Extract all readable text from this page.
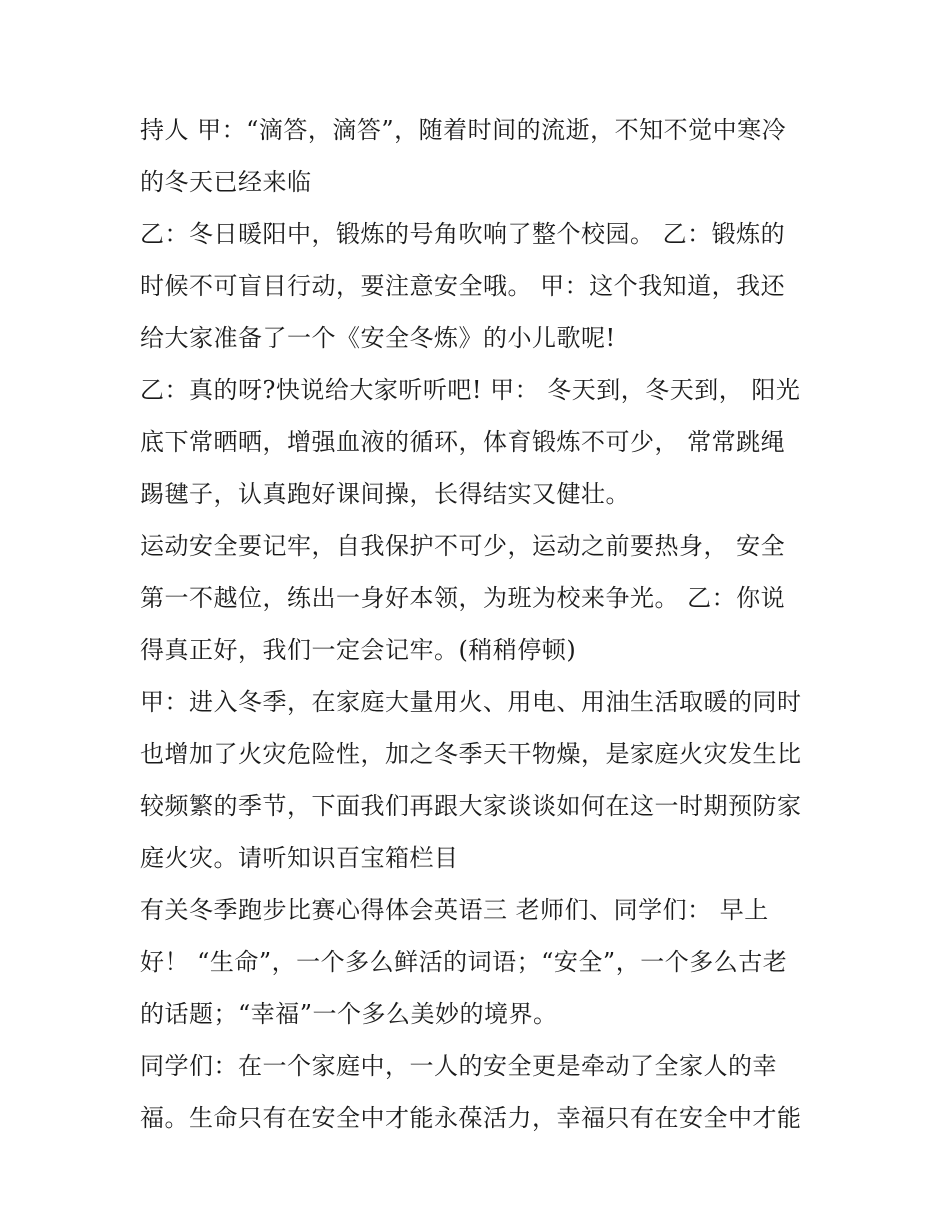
持人 甲：“滴答，滴答”，随着时间的流逝，不知不觉中寒冷
的冬天已经来临
乙：冬日暖阳中，锻炼的号角吹响了整个校园。 乙：锻炼的
时候不可盲目行动，要注意安全哦。 甲：这个我知道，我还
给大家准备了一个《安全冬炼》的小儿歌呢!
乙：真的呀?快说给大家听听吧! 甲： 冬天到，冬天到， 阳光
底下常晒晒，增强血液的循环，体育锻炼不可少， 常常跳绳
踢毽子，认真跑好课间操，长得结实又健壮。
运动安全要记牢，自我保护不可少，运动之前要热身， 安全
第一不越位，练出一身好本领，为班为校来争光。 乙：你说
得真正好，我们一定会记牢。(稍稍停顿)
甲：进入冬季，在家庭大量用火、用电、用油生活取暖的同时
也增加了火灾危险性，加之冬季天干物燥，是家庭火灾发生比
较频繁的季节，下面我们再跟大家谈谈如何在这一时期预防家
庭火灾。请听知识百宝箱栏目
有关冬季跑步比赛心得体会英语三 老师们、同学们： 早上
好！ “生命”，一个多么鲜活的词语；“安全”，一个多么古老
的话题；“幸福”一个多么美妙的境界。
同学们：在一个家庭中，一人的安全更是牵动了全家人的幸
福。生命只有在安全中才能永葆活力，幸福只有在安全中才能
